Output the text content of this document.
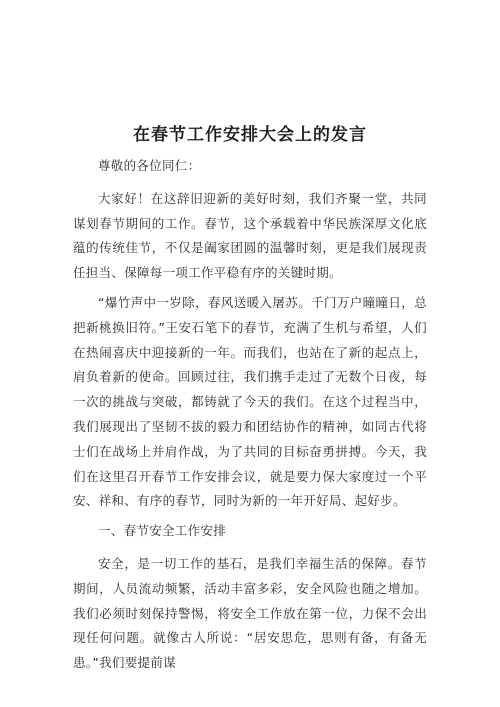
在春节工作安排大会上的发言

尊敬的各位同仁：

大家好！在这辞旧迎新的美好时刻，我们齐聚一堂，共同谋划春节期间的工作。春节，这个承载着中华民族深厚文化底蕴的传统佳节，不仅是阖家团圆的温馨时刻，更是我们展现责任担当、保障每一项工作平稳有序的关键时期。

“爆竹声中一岁除，春风送暖入屠苏。千门万户曈曈日，总把新桃换旧符。”王安石笔下的春节，充满了生机与希望，人们在热闹喜庆中迎接新的一年。而我们，也站在了新的起点上，肩负着新的使命。回顾过往，我们携手走过了无数个日夜，每一次的挑战与突破，都铸就了今天的我们。在这个过程当中，我们展现出了坚韧不拔的毅力和团结协作的精神，如同古代将士们在战场上并肩作战，为了共同的目标奋勇拼搏。今天，我们在这里召开春节工作安排会议，就是要力保大家度过一个平安、祥和、有序的春节，同时为新的一年开好局、起好步。

一、春节安全工作安排

安全，是一切工作的基石，是我们幸福生活的保障。春节期间，人员流动频繁，活动丰富多彩，安全风险也随之增加。我们必须时刻保持警惕，将安全工作放在第一位，力保不会出现任何问题。就像古人所说：“居安思危，思则有备，有备无患。”我们要提前谋
